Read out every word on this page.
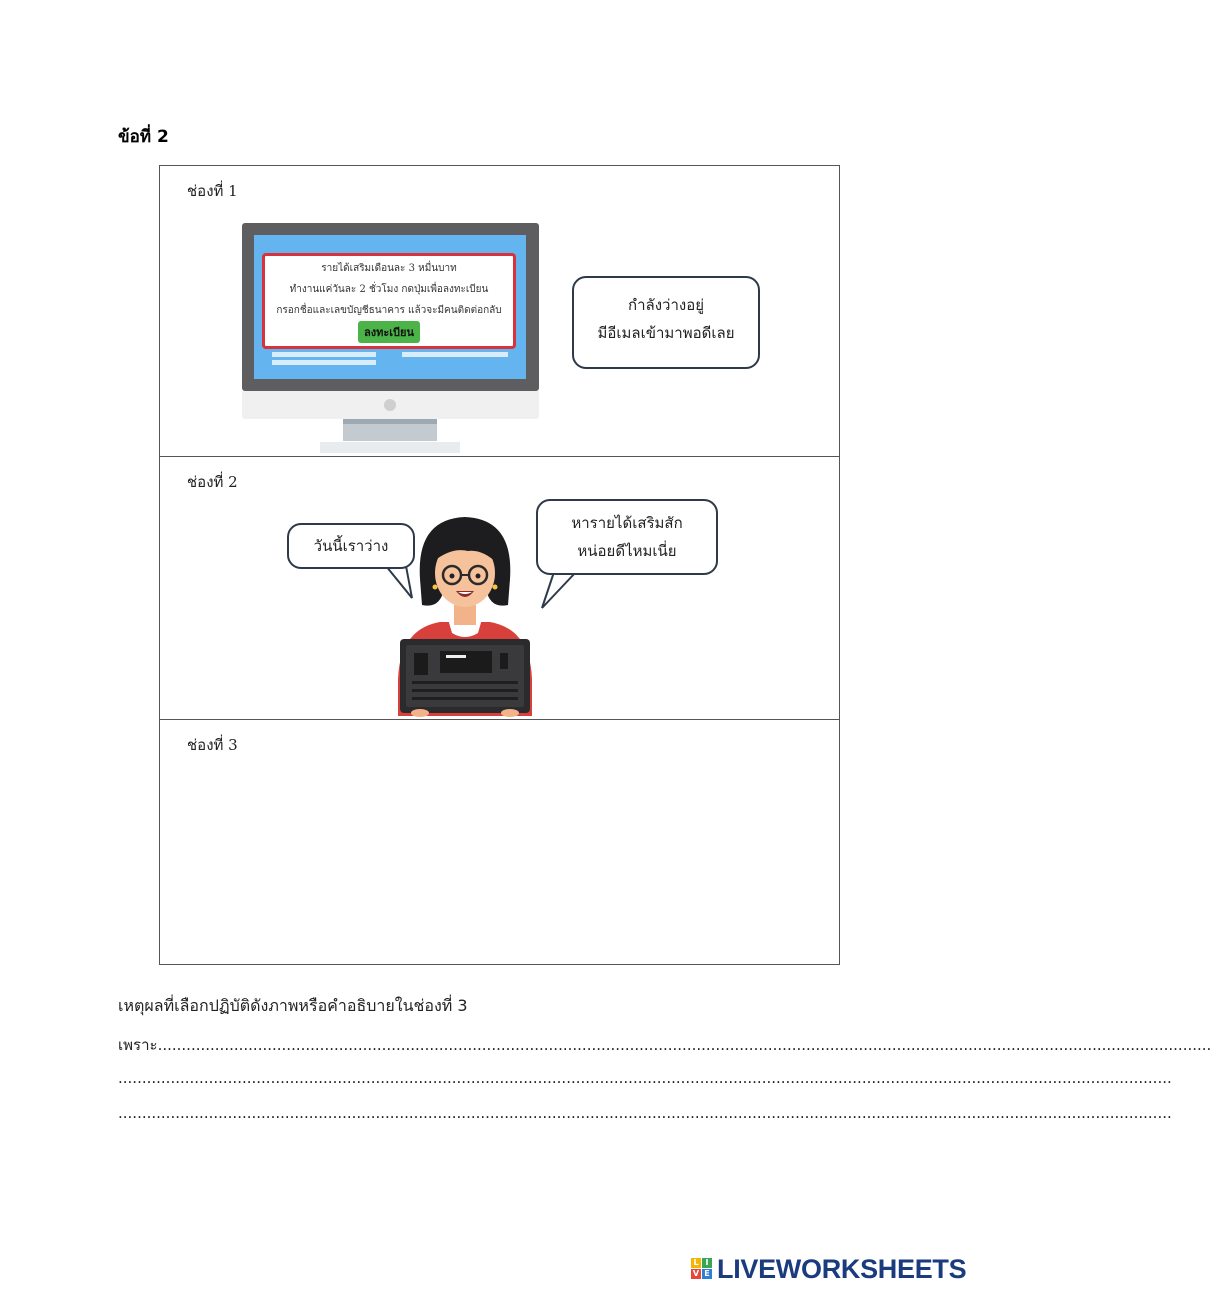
ข้อที่ 2
ช่องที่ 1
รายได้เสริมเดือนละ 3 หมื่นบาท
ทำงานแค่วันละ 2 ชั่วโมง กดปุ่มเพื่อลงทะเบียน
กรอกชื่อและเลขบัญชีธนาคาร แล้วจะมีคนติดต่อกลับ
ลงทะเบียน
กำลังว่างอยู่
มีอีเมลเข้ามาพอดีเลย
ช่องที่ 2
ช่องที่ 3
วันนี้เราว่าง
หารายได้เสริมสัก
หน่อยดีไหมเนี่ย
เหตุผลที่เลือกปฏิบัติดังภาพหรือคำอธิบายในช่องที่ 3
เพราะ.............................................................................................................................................................................................................................
.............................................................................................................................................................................................................................
.............................................................................................................................................................................................................................
L I
V E LIVEWORKSHEETS
